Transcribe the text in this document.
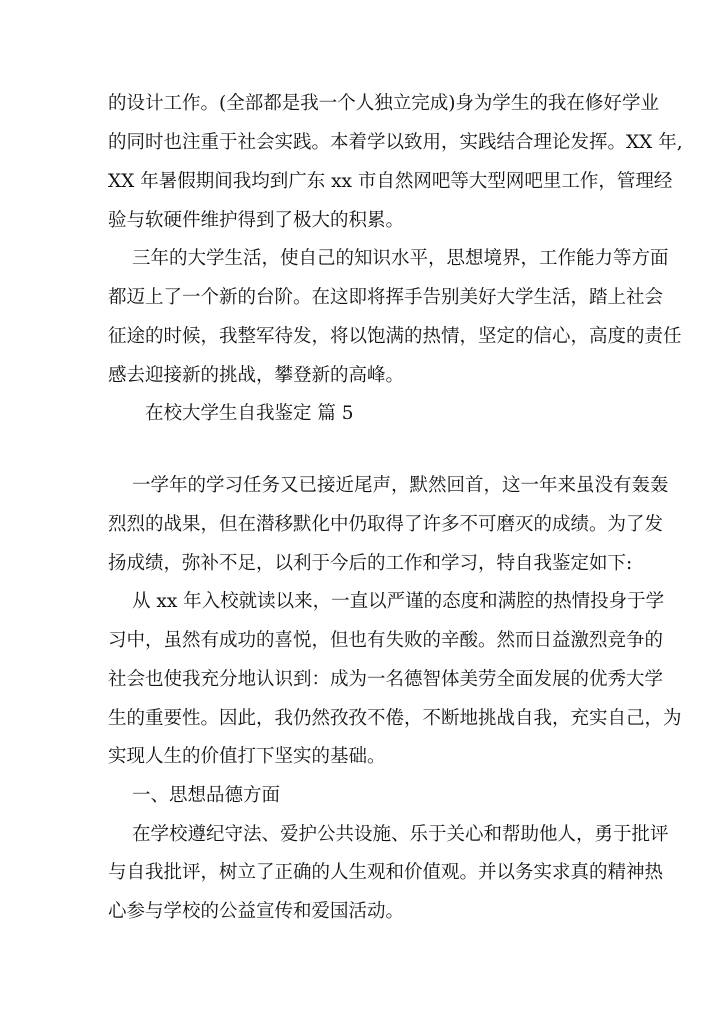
的设计工作。(全部都是我一个人独立完成)身为学生的我在修好学业
的同时也注重于社会实践。本着学以致用，实践结合理论发挥。XX 年,
XX 年暑假期间我均到广东 xx 市自然网吧等大型网吧里工作，管理经
验与软硬件维护得到了极大的积累。
三年的大学生活，使自己的知识水平，思想境界，工作能力等方面
都迈上了一个新的台阶。在这即将挥手告别美好大学生活，踏上社会
征途的时候，我整军待发，将以饱满的热情，坚定的信心，高度的责任
感去迎接新的挑战，攀登新的高峰。
在校大学生自我鉴定 篇 5
一学年的学习任务又已接近尾声，默然回首，这一年来虽没有轰轰
烈烈的战果，但在潜移默化中仍取得了许多不可磨灭的成绩。为了发
扬成绩，弥补不足，以利于今后的工作和学习，特自我鉴定如下:
从 xx 年入校就读以来，一直以严谨的态度和满腔的热情投身于学
习中，虽然有成功的喜悦，但也有失败的辛酸。然而日益激烈竞争的
社会也使我充分地认识到：成为一名德智体美劳全面发展的优秀大学
生的重要性。因此，我仍然孜孜不倦，不断地挑战自我，充实自己，为
实现人生的价值打下坚实的基础。
一、思想品德方面
在学校遵纪守法、爱护公共设施、乐于关心和帮助他人，勇于批评
与自我批评，树立了正确的人生观和价值观。并以务实求真的精神热
心参与学校的公益宣传和爱国活动。
